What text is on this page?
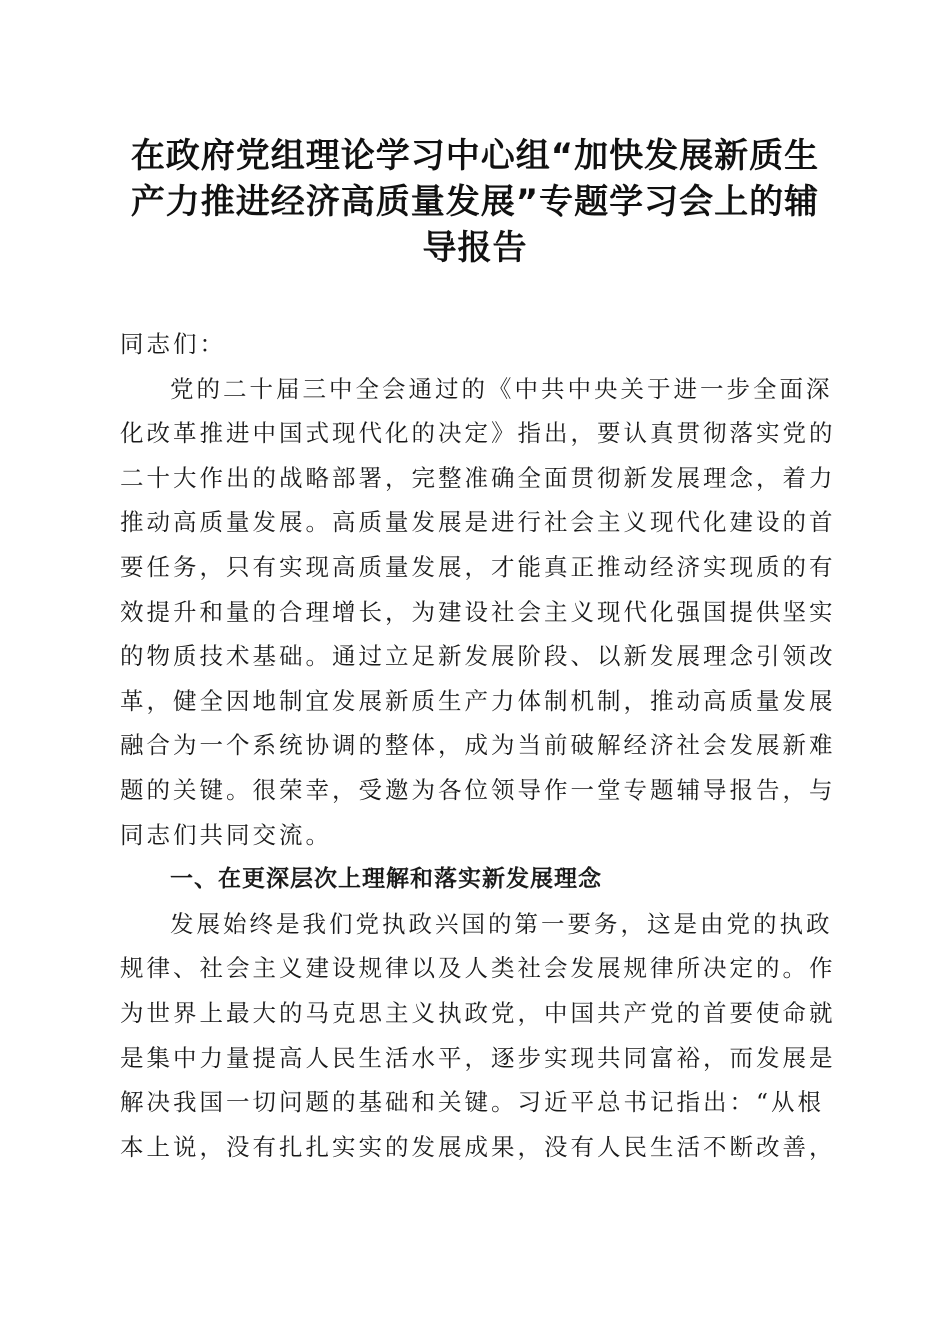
在政府党组理论学习中心组“加快发展新质生
产力推进经济高质量发展”专题学习会上的辅
导报告
同志们：
党的二十届三中全会通过的《中共中央关于进一步全面深
化改革推进中国式现代化的决定》指出，要认真贯彻落实党的
二十大作出的战略部署，完整准确全面贯彻新发展理念，着力
推动高质量发展。高质量发展是进行社会主义现代化建设的首
要任务，只有实现高质量发展，才能真正推动经济实现质的有
效提升和量的合理增长，为建设社会主义现代化强国提供坚实
的物质技术基础。通过立足新发展阶段、以新发展理念引领改
革，健全因地制宜发展新质生产力体制机制，推动高质量发展
融合为一个系统协调的整体，成为当前破解经济社会发展新难
题的关键。很荣幸，受邀为各位领导作一堂专题辅导报告，与
同志们共同交流。
一、在更深层次上理解和落实新发展理念
发展始终是我们党执政兴国的第一要务，这是由党的执政
规律、社会主义建设规律以及人类社会发展规律所决定的。作
为世界上最大的马克思主义执政党，中国共产党的首要使命就
是集中力量提高人民生活水平，逐步实现共同富裕，而发展是
解决我国一切问题的基础和关键。习近平总书记指出：“从根
本上说，没有扎扎实实的发展成果，没有人民生活不断改善，
